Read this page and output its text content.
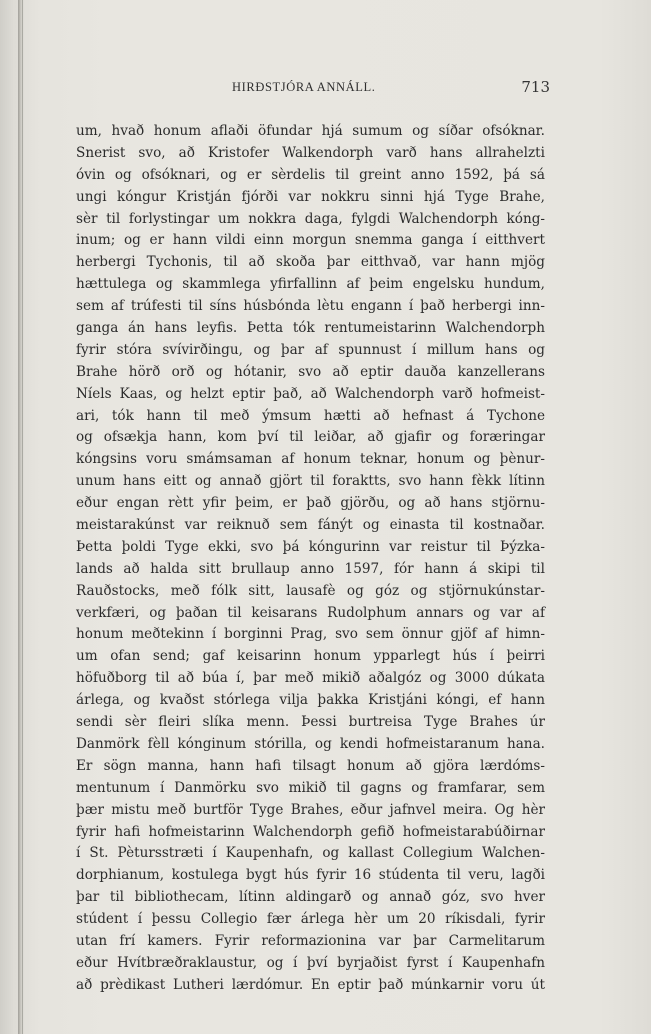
HIRÐSTJÓRA ANNÁLL.	713
um, hvað honum aflaði öfundar hjá sumum og síðar ofsóknar.
Snerist svo, að Kristofer Walkendorph varð hans allrahelzti
óvin og ofsóknari, og er sèrdelis til greint anno 1592, þá sá
ungi kóngur Kristján fjórði var nokkru sinni hjá Tyge Brahe,
sèr til forlystingar um nokkra daga, fylgdi Walchendorph kóng-
inum; og er hann vildi einn morgun snemma ganga í eitthvert
herbergi Tychonis, til að skoða þar eitthvað, var hann mjög
hættulega og skammlega yfirfallinn af þeim engelsku hundum,
sem af trúfesti til síns húsbónda lètu engann í það herbergi inn-
ganga án hans leyfis. Þetta tók rentumeistarinn Walchendorph
fyrir stóra svívirðingu, og þar af spunnust í millum hans og
Brahe hörð orð og hótanir, svo að eptir dauða kanzellerans
Níels Kaas, og helzt eptir það, að Walchendorph varð hofmeist-
ari, tók hann til með ýmsum hætti að hefnast á Tychone
og ofsækja hann, kom því til leiðar, að gjafir og foræringar
kóngsins voru smámsaman af honum teknar, honum og þènur-
unum hans eitt og annað gjört til foraktts, svo hann fèkk lítinn
eður engan rètt yfir þeim, er það gjörðu, og að hans stjörnu-
meistarakúnst var reiknuð sem fánýt og einasta til kostnaðar.
Þetta þoldi Tyge ekki, svo þá kóngurinn var reistur til Þýzka-
lands að halda sitt brullaup anno 1597, fór hann á skipi til
Rauðstocks, með fólk sitt, lausafè og góz og stjörnukúnstar-
verkfæri, og þaðan til keisarans Rudolphum annars og var af
honum meðtekinn í borginni Prag, svo sem önnur gjöf af himn-
um ofan send; gaf keisarinn honum ypparlegt hús í þeirri
höfuðborg til að búa í, þar með mikið aðalgóz og 3000 dúkata
árlega, og kvaðst stórlega vilja þakka Kristjáni kóngi, ef hann
sendi sèr fleiri slíka menn. Þessi burtreisa Tyge Brahes úr
Danmörk fèll kónginum stórilla, og kendi hofmeistaranum hana.
Er sögn manna, hann hafi tilsagt honum að gjöra lærdóms-
mentunum í Danmörku svo mikið til gagns og framfarar, sem
þær mistu með burtför Tyge Brahes, eður jafnvel meira. Og hèr
fyrir hafi hofmeistarinn Walchendorph gefið hofmeistarabúðirnar
í St. Pètursstræti í Kaupenhafn, og kallast Collegium Walchen-
dorphianum, kostulega bygt hús fyrir 16 stúdenta til veru, lagði
þar til bibliothecam, lítinn aldingarð og annað góz, svo hver
stúdent í þessu Collegio fær árlega hèr um 20 ríkisdali, fyrir
utan frí kamers. Fyrir reformazionina var þar Carmelitarum
eður Hvítbræðraklaustur, og í því byrjaðist fyrst í Kaupenhafn
að prèdikast Lutheri lærdómur. En eptir það múnkarnir voru út
